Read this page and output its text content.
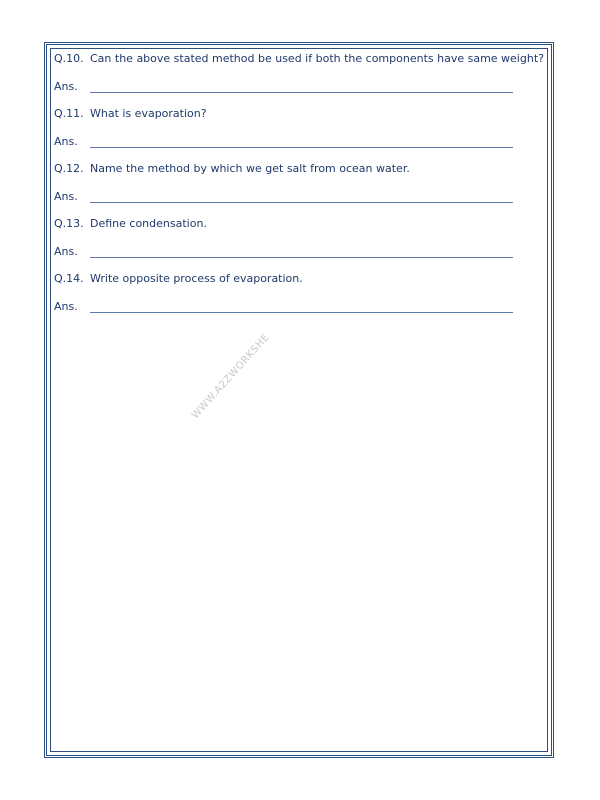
Q.10. Can the above stated method be used if both the components have same weight?
Ans.
Q.11. What is evaporation?
Ans.
Q.12. Name the method by which we get salt from ocean water.
Ans.
Q.13. Define condensation.
Ans.
Q.14. Write opposite process of evaporation.
Ans.
WWW.A2ZWORKSHE
